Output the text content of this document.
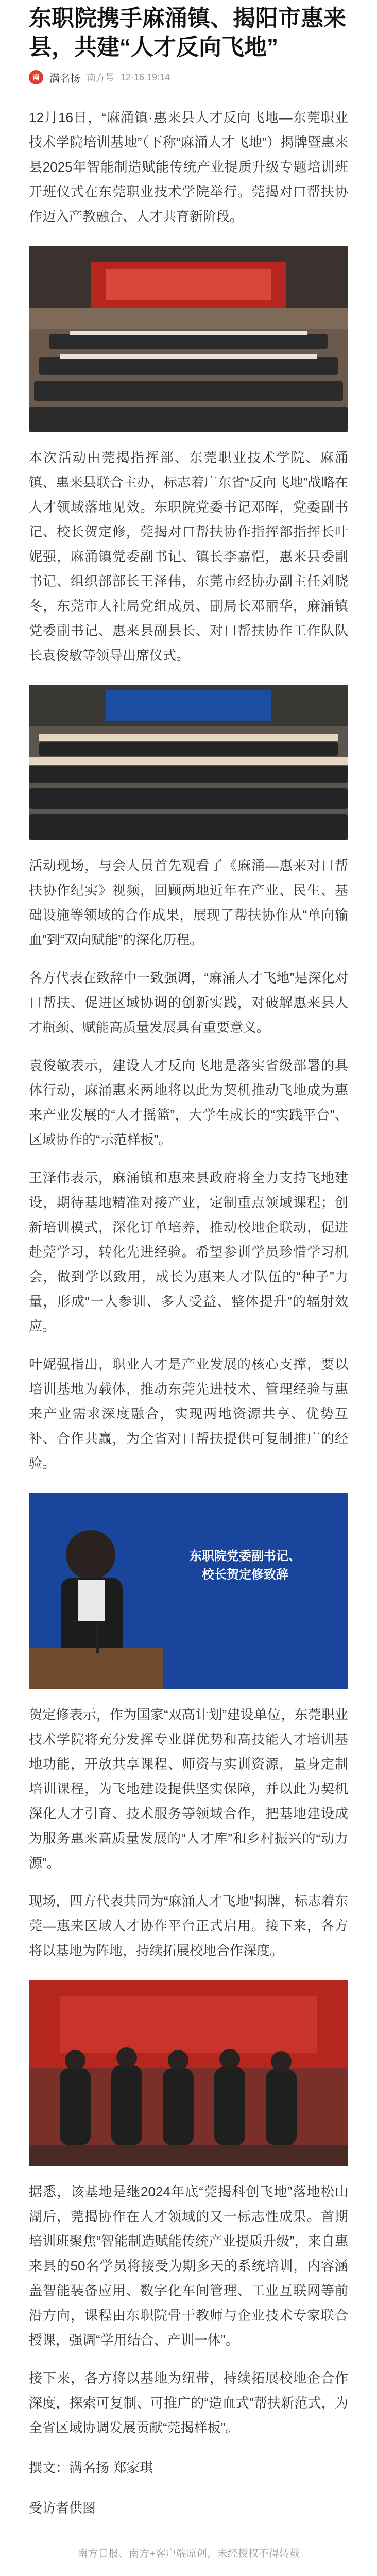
东职院携手麻涌镇、揭阳市惠来县，共建“人才反向飞地”
南 满名扬 南方号 12-16 19:14

12月16日，“麻涌镇·惠来县人才反向飞地—东莞职业技术学院培训基地”（下称“麻涌人才飞地”）揭牌暨惠来县2025年智能制造赋能传统产业提质升级专题培训班开班仪式在东莞职业技术学院举行。莞揭对口帮扶协作迈入产教融合、人才共育新阶段。

本次活动由莞揭指挥部、东莞职业技术学院、麻涌镇、惠来县联合主办，标志着广东省“反向飞地”战略在人才领域落地见效。东职院党委书记邓晖，党委副书记、校长贺定修，莞揭对口帮扶协作指挥部指挥长叶妮强，麻涌镇党委副书记、镇长李嘉恺，惠来县委副书记、组织部部长王泽伟，东莞市经协办副主任刘晓冬，东莞市人社局党组成员、副局长邓丽华，麻涌镇党委副书记、惠来县副县长、对口帮扶协作工作队队长袁俊敏等领导出席仪式。

活动现场，与会人员首先观看了《麻涌—惠来对口帮扶协作纪实》视频，回顾两地近年在产业、民生、基础设施等领域的合作成果，展现了帮扶协作从“单向输血”到“双向赋能”的深化历程。

各方代表在致辞中一致强调，“麻涌人才飞地”是深化对口帮扶、促进区域协调的创新实践，对破解惠来县人才瓶颈、赋能高质量发展具有重要意义。

袁俊敏表示，建设人才反向飞地是落实省级部署的具体行动，麻涌惠来两地将以此为契机推动飞地成为惠来产业发展的“人才摇篮”，大学生成长的“实践平台”、区域协作的“示范样板”。

王泽伟表示，麻涌镇和惠来县政府将全力支持飞地建设，期待基地精准对接产业，定制重点领域课程；创新培训模式，深化订单培养，推动校地企联动，促进赴莞学习，转化先进经验。希望参训学员珍惜学习机会，做到学以致用，成长为惠来人才队伍的“种子”力量，形成“一人参训、多人受益、整体提升”的辐射效应。

叶妮强指出，职业人才是产业发展的核心支撑，要以培训基地为载体，推动东莞先进技术、管理经验与惠来产业需求深度融合，实现两地资源共享、优势互补、合作共赢，为全省对口帮扶提供可复制推广的经验。

东职院党委副书记、
校长贺定修致辞

贺定修表示，作为国家“双高计划”建设单位，东莞职业技术学院将充分发挥专业群优势和高技能人才培训基地功能，开放共享课程、师资与实训资源，量身定制培训课程，为飞地建设提供坚实保障，并以此为契机深化人才引育、技术服务等领域合作，把基地建设成为服务惠来高质量发展的“人才库”和乡村振兴的“动力源”。

现场，四方代表共同为“麻涌人才飞地”揭牌，标志着东莞—惠来区域人才协作平台正式启用。接下来，各方将以基地为阵地，持续拓展校地合作深度。

据悉，该基地是继2024年底“莞揭科创飞地”落地松山湖后，莞揭协作在人才领域的又一标志性成果。首期培训班聚焦“智能制造赋能传统产业提质升级”，来自惠来县的50名学员将接受为期多天的系统培训，内容涵盖智能装备应用、数字化车间管理、工业互联网等前沿方向，课程由东职院骨干教师与企业技术专家联合授课，强调“学用结合、产训一体”。

接下来，各方将以基地为纽带，持续拓展校地企合作深度，探索可复制、可推广的“造血式”帮扶新范式，为全省区域协调发展贡献“莞揭样板”。

撰文：满名扬 郑家琪

受访者供图

南方日报、南方+客户端原创，未经授权不得转载
